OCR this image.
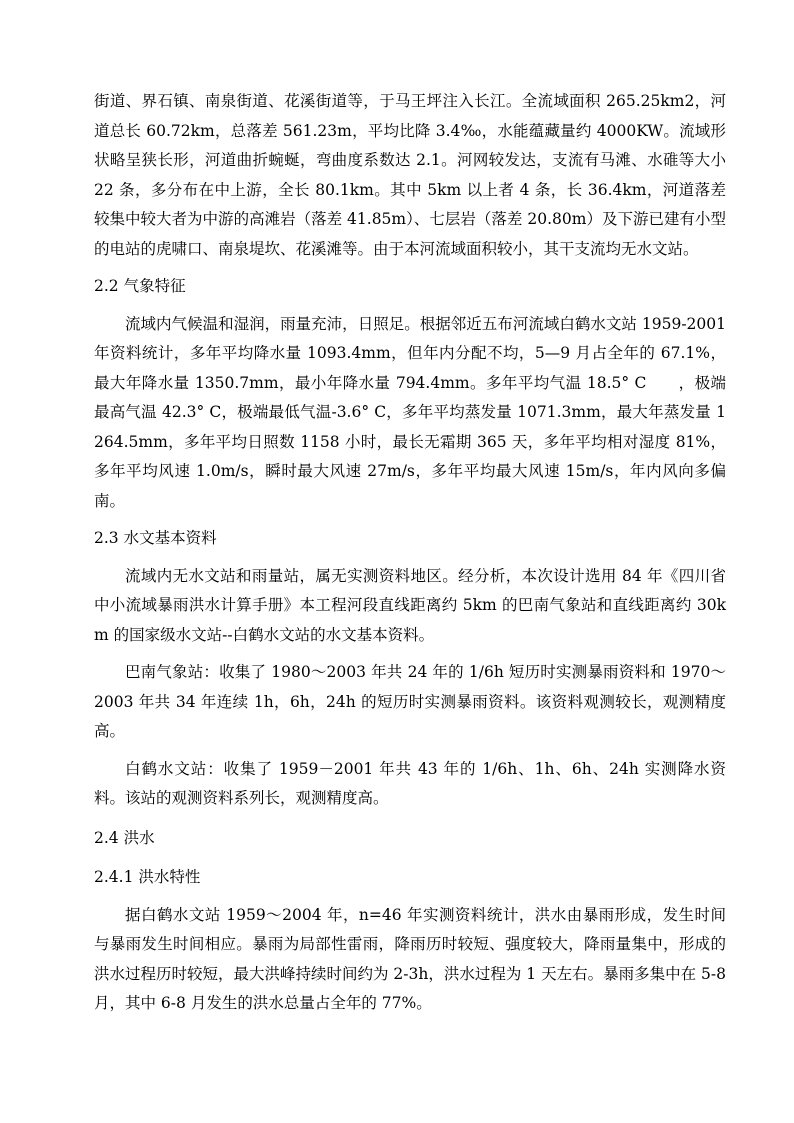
街道、界石镇、南泉街道、花溪街道等，于马王坪注入长江。全流域面积 265.25km2，河道总长 60.72km，总落差 561.23m，平均比降 3.4‰，水能蕴藏量约 4000KW。流域形状略呈狭长形，河道曲折蜿蜒，弯曲度系数达 2.1。河网较发达，支流有马滩、水碓等大小 22 条，多分布在中上游，全长 80.1km。其中 5km 以上者 4 条，长 36.4km，河道落差较集中较大者为中游的高滩岩（落差 41.85m）、七层岩（落差 20.80m）及下游已建有小型的电站的虎啸口、南泉堤坎、花溪滩等。由于本河流域面积较小，其干支流均无水文站。

2.2 气象特征

流域内气候温和湿润，雨量充沛，日照足。根据邻近五布河流域白鹤水文站 1959-2001 年资料统计，多年平均降水量 1093.4mm，但年内分配不均，5—9 月占全年的 67.1%，最大年降水量 1350.7mm，最小年降水量 794.4mm。多年平均气温 18.5° C　　，极端最高气温 42.3° C，极端最低气温-3.6° C，多年平均蒸发量 1071.3mm，最大年蒸发量 1264.5mm，多年平均日照数 1158 小时，最长无霜期 365 天，多年平均相对湿度 81%，多年平均风速 1.0m/s，瞬时最大风速 27m/s，多年平均最大风速 15m/s，年内风向多偏南。

2.3 水文基本资料

流域内无水文站和雨量站，属无实测资料地区。经分析，本次设计选用 84 年《四川省中小流域暴雨洪水计算手册》本工程河段直线距离约 5km 的巴南气象站和直线距离约 30km 的国家级水文站--白鹤水文站的水文基本资料。

巴南气象站：收集了 1980～2003 年共 24 年的 1/6h 短历时实测暴雨资料和 1970～2003 年共 34 年连续 1h，6h，24h 的短历时实测暴雨资料。该资料观测较长，观测精度高。

白鹤水文站：收集了 1959－2001 年共 43 年的 1/6h、1h、6h、24h 实测降水资料。该站的观测资料系列长，观测精度高。

2.4 洪水
2.4.1 洪水特性

据白鹤水文站 1959～2004 年，n=46 年实测资料统计，洪水由暴雨形成，发生时间与暴雨发生时间相应。暴雨为局部性雷雨，降雨历时较短、强度较大，降雨量集中，形成的洪水过程历时较短，最大洪峰持续时间约为 2-3h，洪水过程为 1 天左右。暴雨多集中在 5-8 月，其中 6-8 月发生的洪水总量占全年的 77%。
